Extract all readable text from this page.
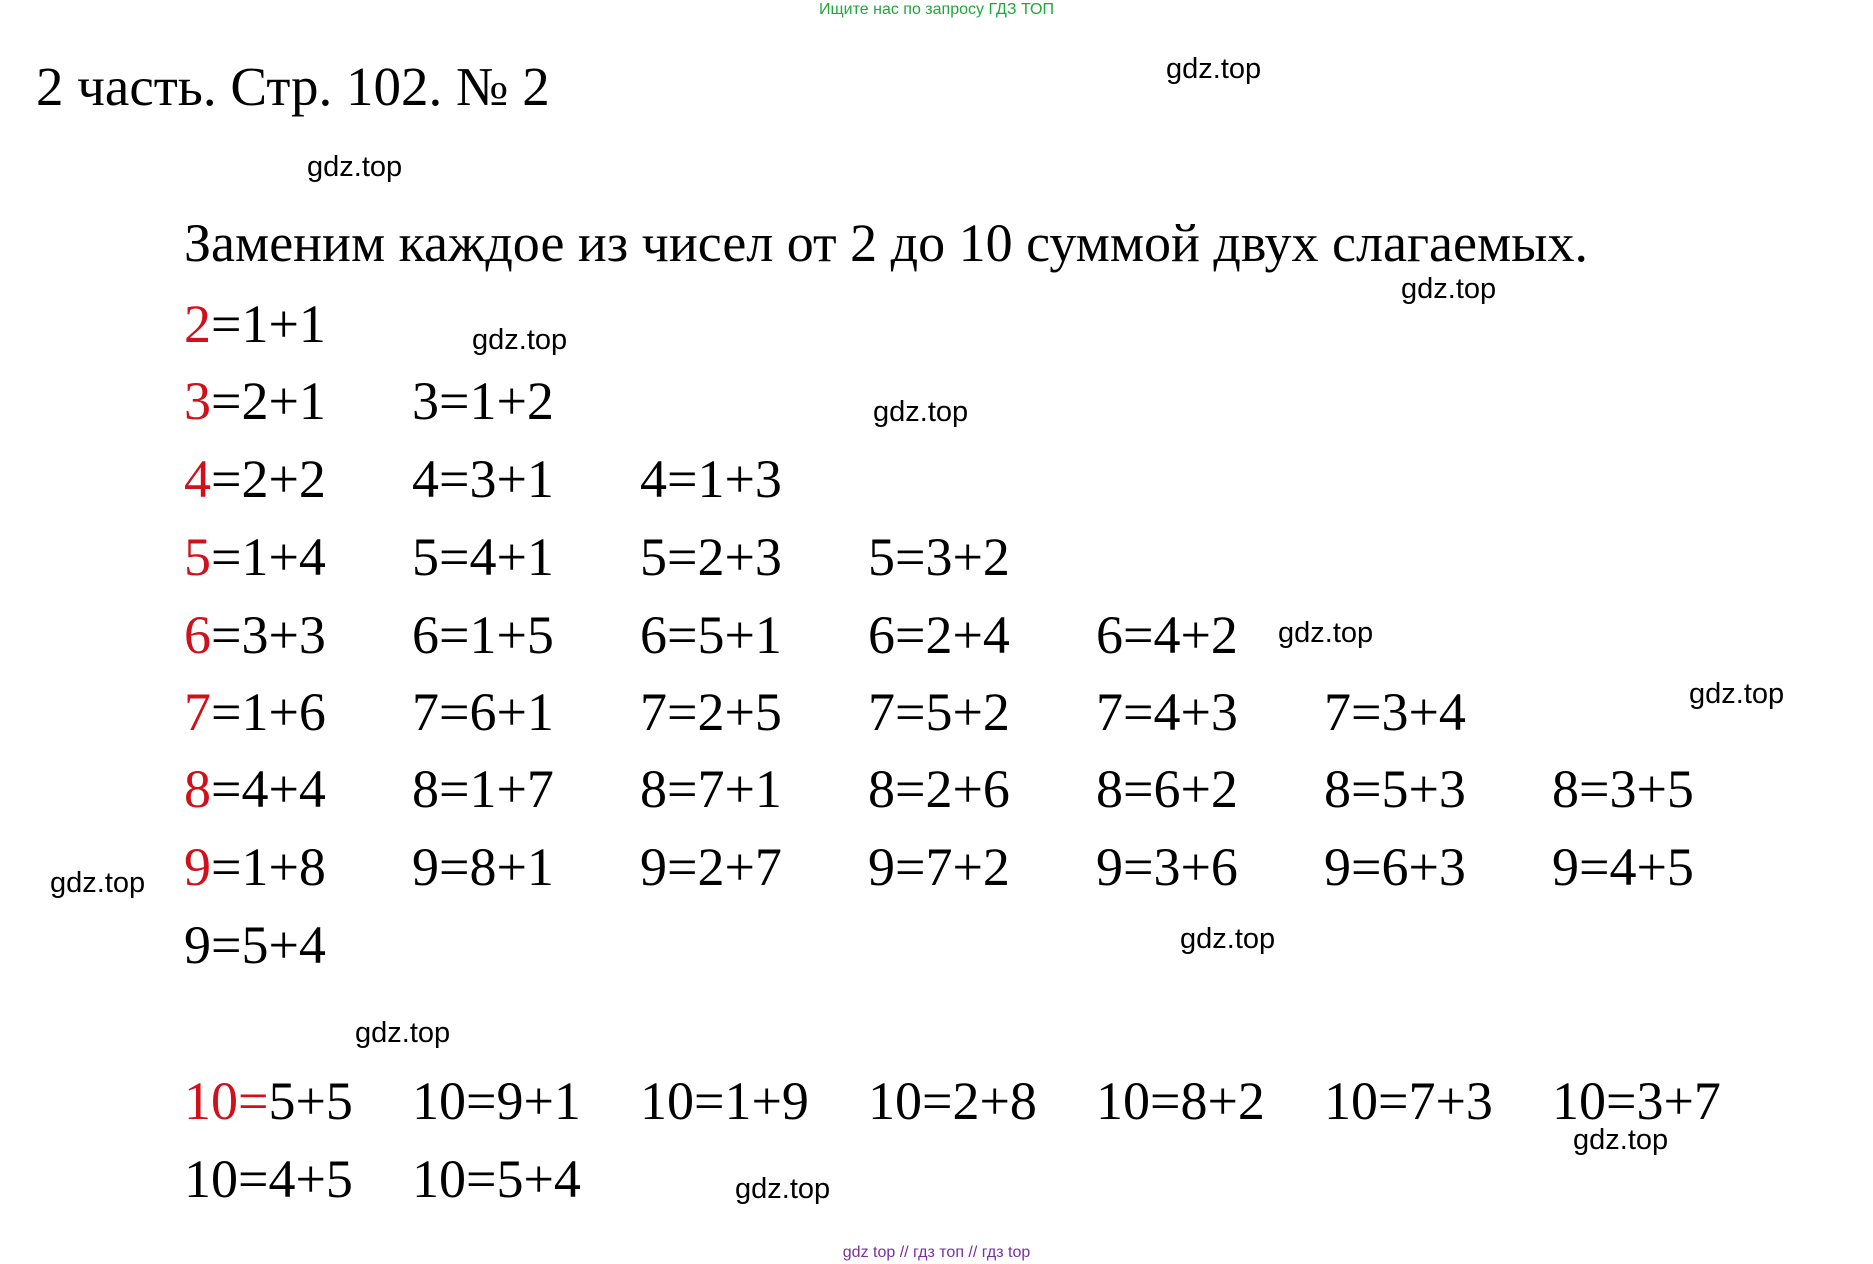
Ищите нас по запросу ГДЗ ТОП
2 часть. Стр. 102. № 2
Заменим каждое из чисел от 2 до 10 суммой двух слагаемых.
2=1+1
3=2+1 3=1+2
4=2+2 4=3+1 4=1+3
5=1+4 5=4+1 5=2+3 5=3+2
6=3+3 6=1+5 6=5+1 6=2+4 6=4+2
7=1+6 7=6+1 7=2+5 7=5+2 7=4+3 7=3+4
8=4+4 8=1+7 8=7+1 8=2+6 8=6+2 8=5+3 8=3+5
9=1+8 9=8+1 9=2+7 9=7+2 9=3+6 9=6+3 9=4+5
9=5+4
10=5+5 10=9+1 10=1+9 10=2+8 10=8+2 10=7+3 10=3+7
10=4+5 10=5+4
gdz.top
gdz.top
gdz.top
gdz.top
gdz.top
gdz.top
gdz.top
gdz.top
gdz.top
gdz.top
gdz.top
gdz.top
gdz top // гдз топ // гдз top
